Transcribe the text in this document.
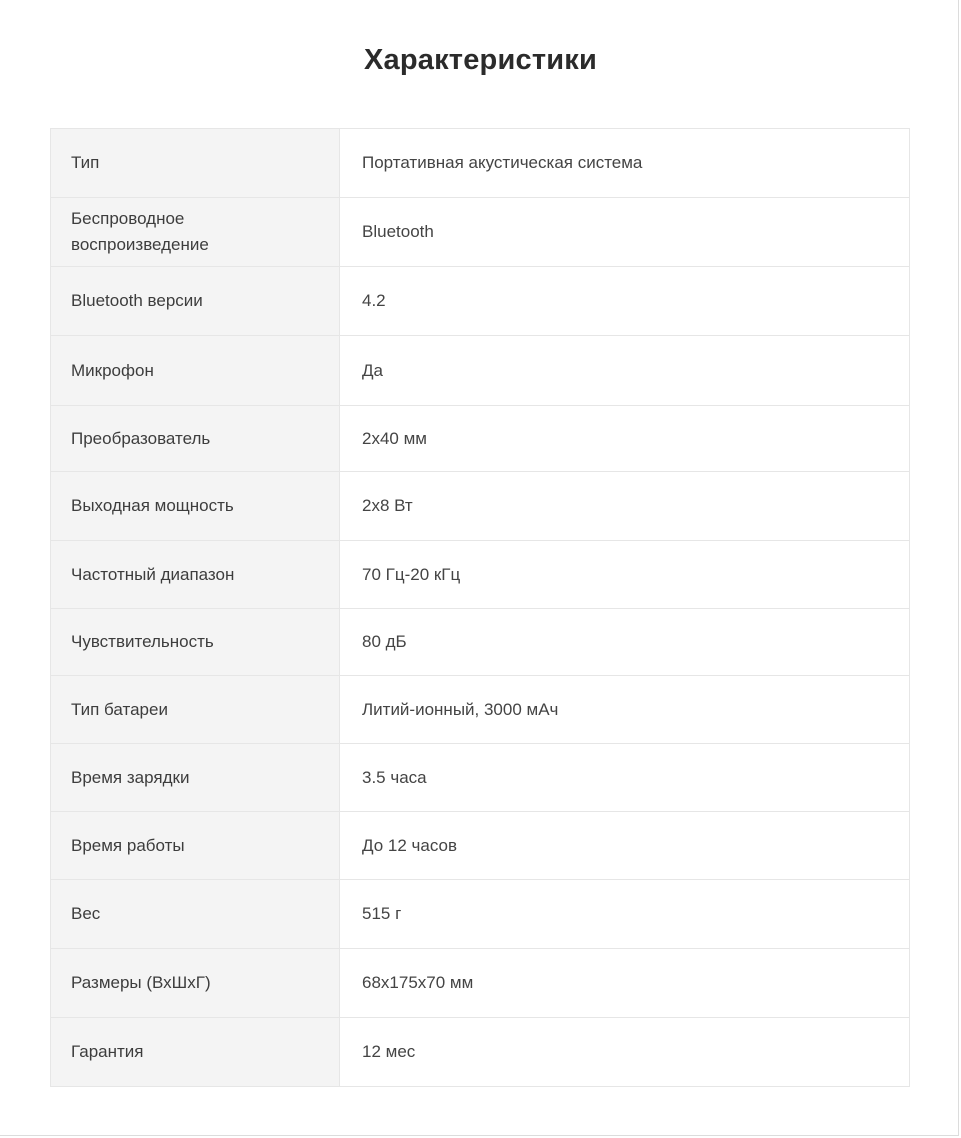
Характеристики
Тип	Портативная акустическая система
Беспроводное воспроизведение	Bluetooth
Bluetooth версии	4.2
Микрофон	Да
Преобразователь	2х40 мм
Выходная мощность	2х8 Вт
Частотный диапазон	70 Гц-20 кГц
Чувствительность	80 дБ
Тип батареи	Литий-ионный, 3000 мАч
Время зарядки	3.5 часа
Время работы	До 12 часов
Вес	515 г
Размеры (ВхШхГ)	68х175х70 мм
Гарантия	12 мес
